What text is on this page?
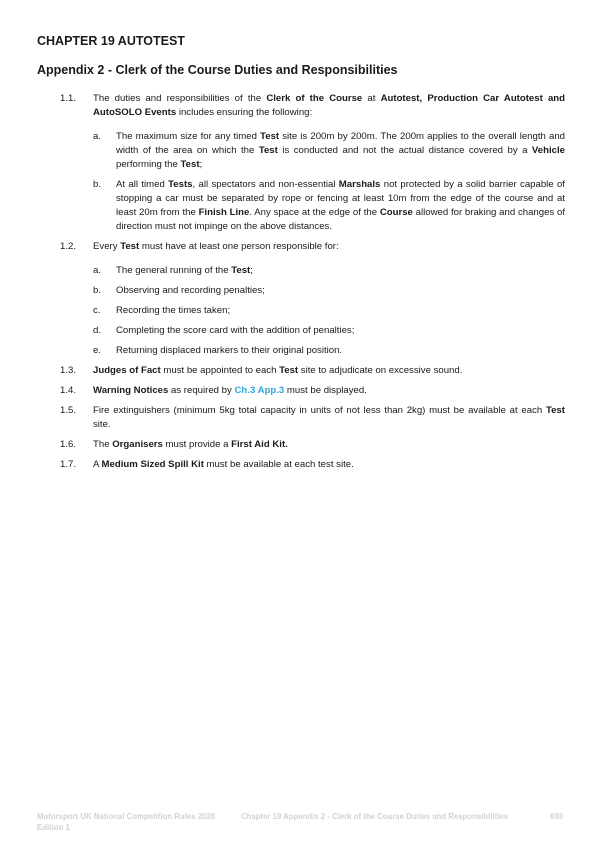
CHAPTER 19 AUTOTEST
Appendix 2 - Clerk of the Course Duties and Responsibilities
1.1.	The duties and responsibilities of the Clerk of the Course at Autotest, Production Car Autotest and AutoSOLO Events includes ensuring the following:
a.	The maximum size for any timed Test site is 200m by 200m. The 200m applies to the overall length and width of the area on which the Test is conducted and not the actual distance covered by a Vehicle performing the Test;
b.	At all timed Tests, all spectators and non-essential Marshals not protected by a solid barrier capable of stopping a car must be separated by rope or fencing at least 10m from the edge of the course and at least 20m from the Finish Line. Any space at the edge of the Course allowed for braking and changes of direction must not impinge on the above distances.
1.2.	Every Test must have at least one person responsible for:
a.	The general running of the Test;
b.	Observing and recording penalties;
c.	Recording the times taken;
d.	Completing the score card with the addition of penalties;
e.	Returning displaced markers to their original position.
1.3.	Judges of Fact must be appointed to each Test site to adjudicate on excessive sound.
1.4.	Warning Notices as required by Ch.3 App.3 must be displayed.
1.5.	Fire extinguishers (minimum 5kg total capacity in units of not less than 2kg) must be available at each Test site.
1.6.	The Organisers must provide a First Aid Kit.
1.7.	A Medium Sized Spill Kit must be available at each test site.
Motorsport UK National Competition Rules 2026
Edition 1
Chapter 19 Appendix 2 - Clerk of the Course Duties and Responsibilities	693
